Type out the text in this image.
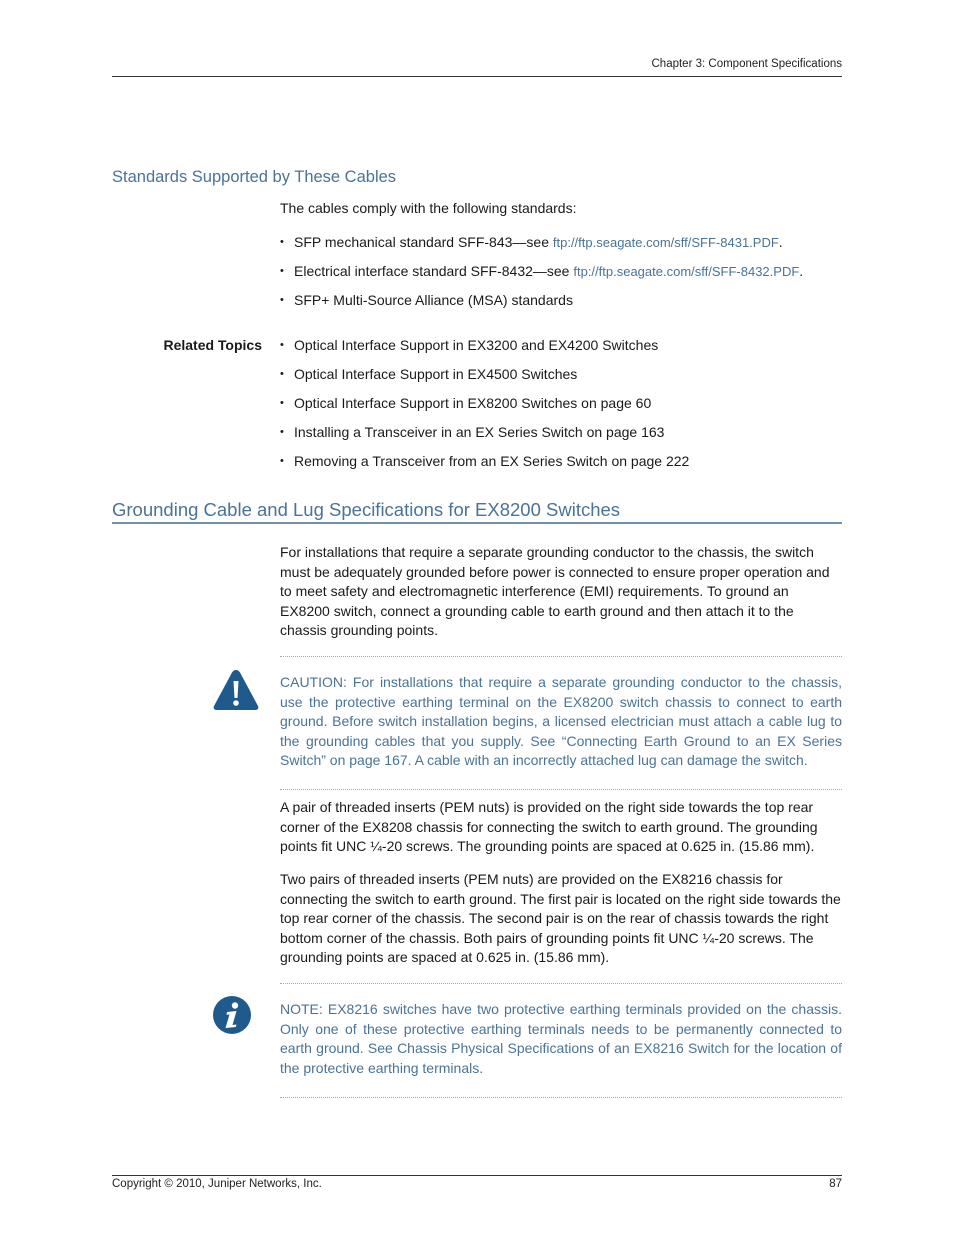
Chapter 3: Component Specifications
Standards Supported by These Cables
The cables comply with the following standards:
• SFP mechanical standard SFF-843—see ftp://ftp.seagate.com/sff/SFF-8431.PDF.
• Electrical interface standard SFF-8432—see ftp://ftp.seagate.com/sff/SFF-8432.PDF.
• SFP+ Multi-Source Alliance (MSA) standards
Related Topics
•	Optical Interface Support in EX3200 and EX4200 Switches
• Optical Interface Support in EX4500 Switches
• Optical Interface Support in EX8200 Switches on page 60
• Installing a Transceiver in an EX Series Switch on page 163
• Removing a Transceiver from an EX Series Switch on page 222
Grounding Cable and Lug Specifications for EX8200 Switches
For installations that require a separate grounding conductor to the chassis, the switch must be adequately grounded before power is connected to ensure proper operation and to meet safety and electromagnetic interference (EMI) requirements. To ground an EX8200 switch, connect a grounding cable to earth ground and then attach it to the chassis grounding points.
CAUTION: For installations that require a separate grounding conductor to the chassis, use the protective earthing terminal on the EX8200 switch chassis to connect to earth ground. Before switch installation begins, a licensed electrician must attach a cable lug to the grounding cables that you supply. See “Connecting Earth Ground to an EX Series Switch” on page 167. A cable with an incorrectly attached lug can damage the switch.
A pair of threaded inserts (PEM nuts) is provided on the right side towards the top rear corner of the EX8208 chassis for connecting the switch to earth ground. The grounding points fit UNC ¼-20 screws. The grounding points are spaced at 0.625 in. (15.86 mm).
Two pairs of threaded inserts (PEM nuts) are provided on the EX8216 chassis for connecting the switch to earth ground. The first pair is located on the right side towards the top rear corner of the chassis. The second pair is on the rear of chassis towards the right bottom corner of the chassis. Both pairs of grounding points fit UNC ¼-20 screws. The grounding points are spaced at 0.625 in. (15.86 mm).
NOTE: EX8216 switches have two protective earthing terminals provided on the chassis. Only one of these protective earthing terminals needs to be permanently connected to earth ground. See Chassis Physical Specifications of an EX8216 Switch for the location of the protective earthing terminals.
Copyright © 2010, Juniper Networks, Inc.	87
